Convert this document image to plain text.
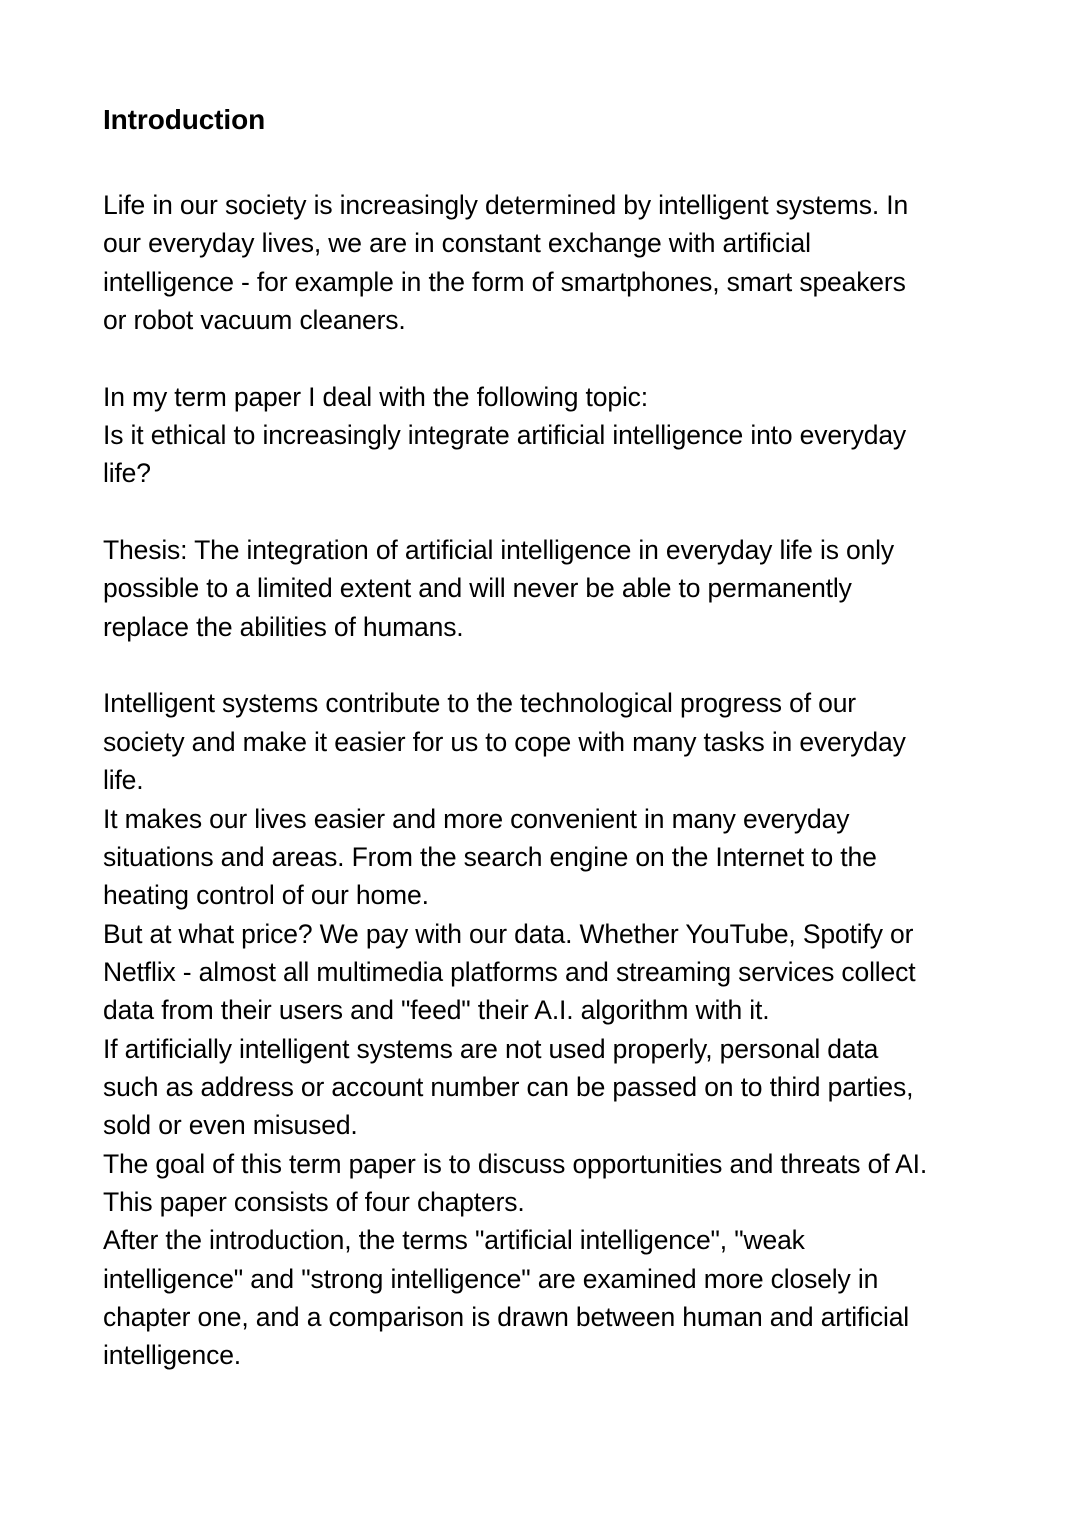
Introduction

Life in our society is increasingly determined by intelligent systems. In
our everyday lives, we are in constant exchange with artificial
intelligence - for example in the form of smartphones, smart speakers
or robot vacuum cleaners.

In my term paper I deal with the following topic:
Is it ethical to increasingly integrate artificial intelligence into everyday
life?

Thesis: The integration of artificial intelligence in everyday life is only
possible to a limited extent and will never be able to permanently
replace the abilities of humans.

Intelligent systems contribute to the technological progress of our
society and make it easier for us to cope with many tasks in everyday
life.
It makes our lives easier and more convenient in many everyday
situations and areas. From the search engine on the Internet to the
heating control of our home.
But at what price? We pay with our data. Whether YouTube, Spotify or
Netflix - almost all multimedia platforms and streaming services collect
data from their users and "feed" their A.I. algorithm with it.
If artificially intelligent systems are not used properly, personal data
such as address or account number can be passed on to third parties,
sold or even misused.
The goal of this term paper is to discuss opportunities and threats of AI.
This paper consists of four chapters.
After the introduction, the terms "artificial intelligence", "weak
intelligence" and "strong intelligence" are examined more closely in
chapter one, and a comparison is drawn between human and artificial
intelligence.
